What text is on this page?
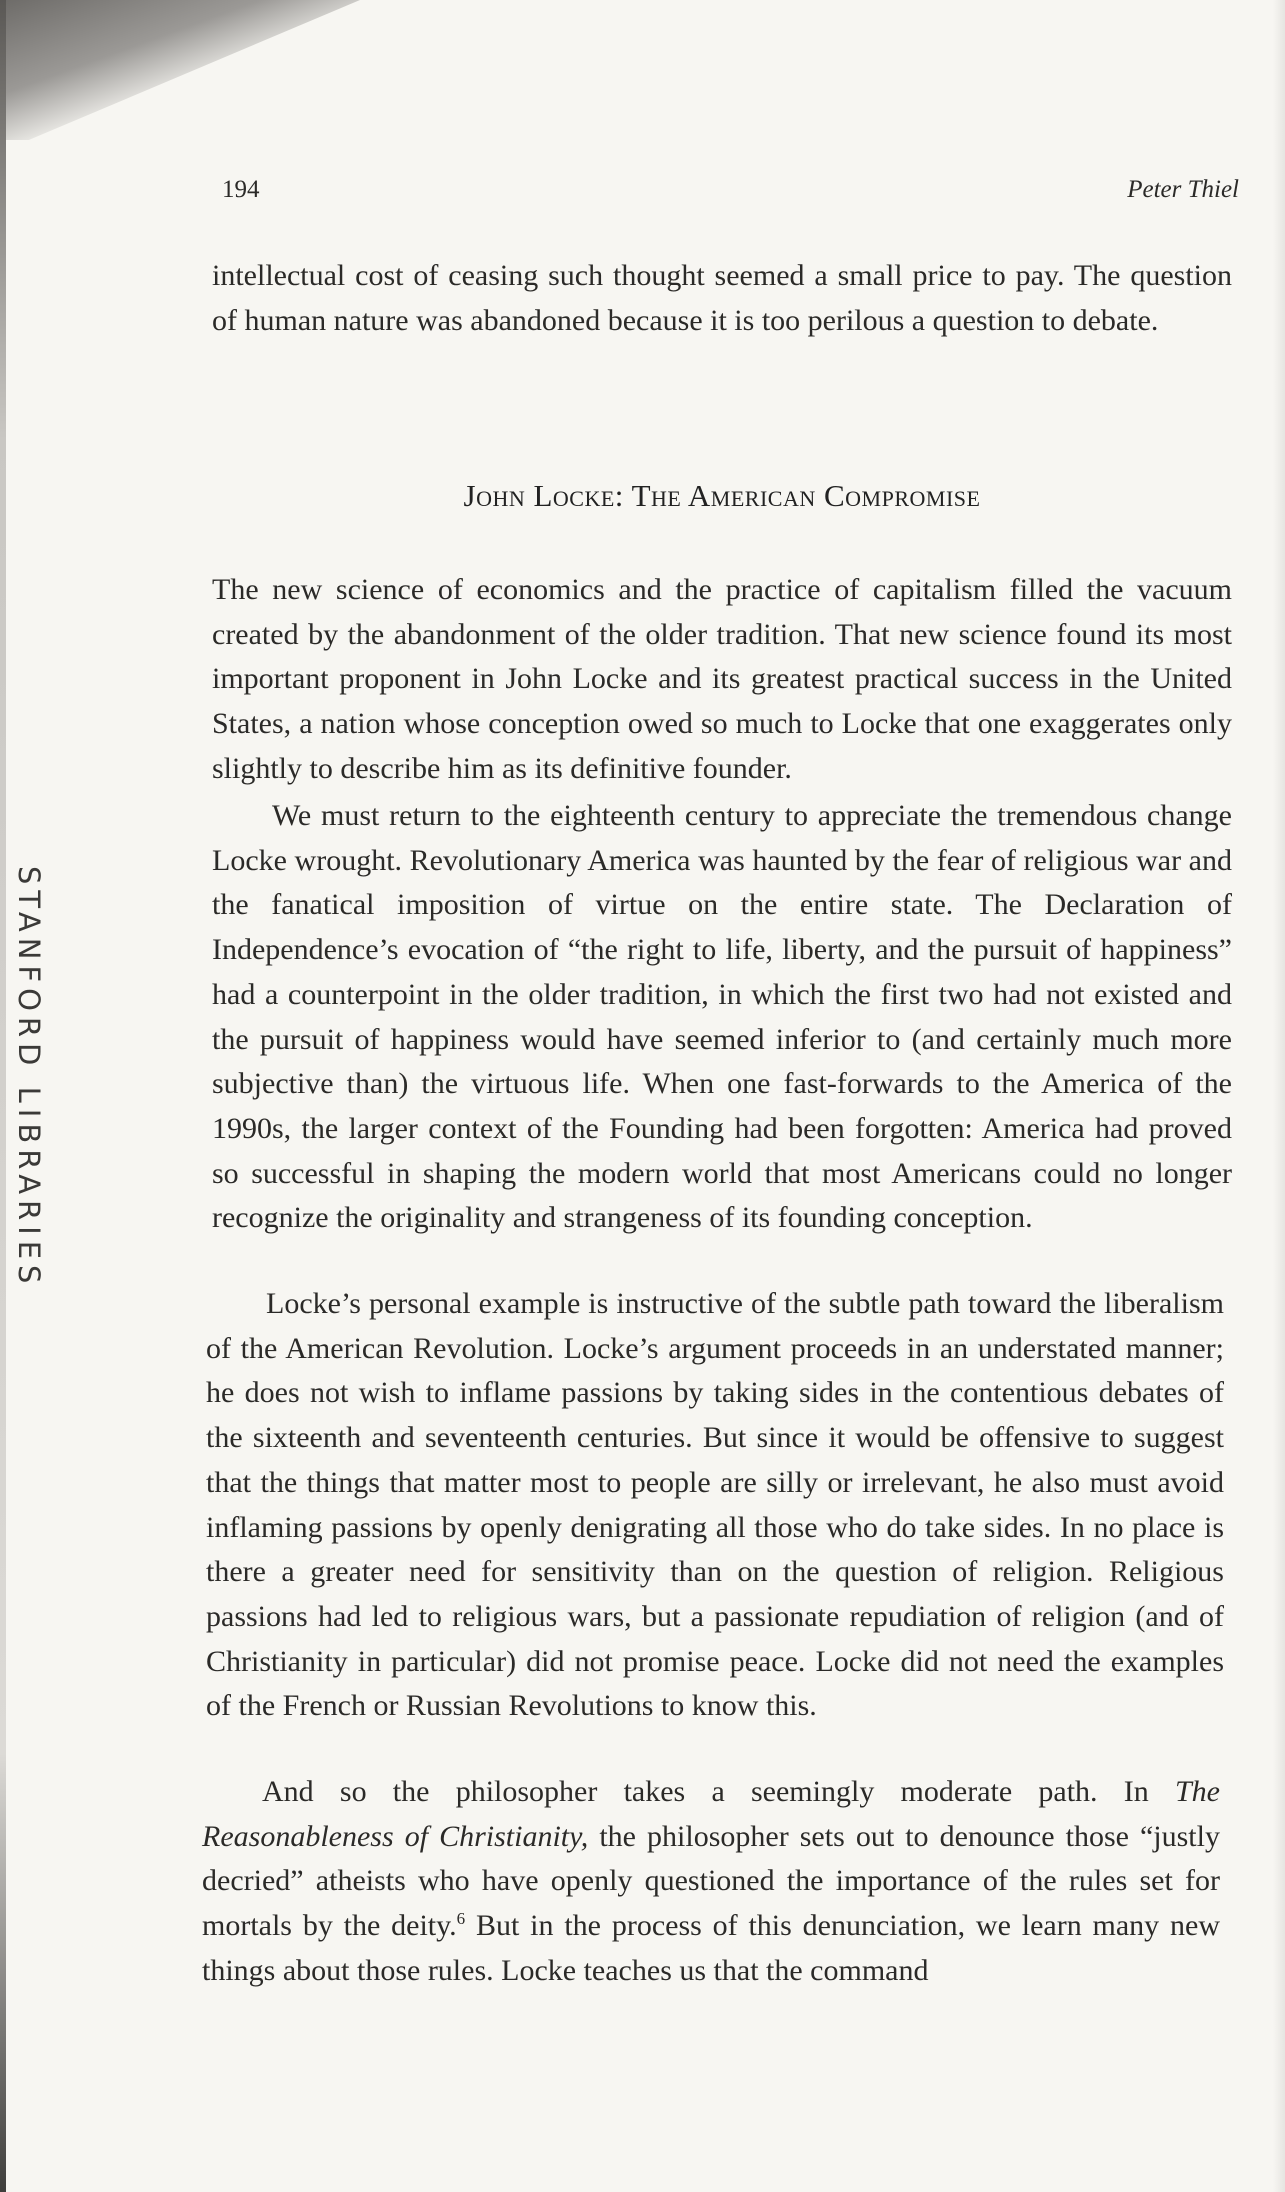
194	Peter Thiel
STANFORD LIBRARIES

intellectual cost of ceasing such thought seemed a small price to pay. The question of human nature was abandoned because it is too perilous a question to debate.

John Locke: The American Compromise

The new science of economics and the practice of capitalism filled the vacuum created by the abandonment of the older tradition. That new science found its most important proponent in John Locke and its greatest practical success in the United States, a nation whose conception owed so much to Locke that one exaggerates only slightly to describe him as its definitive founder.

We must return to the eighteenth century to appreciate the tremendous change Locke wrought. Revolutionary America was haunted by the fear of religious war and the fanatical imposition of virtue on the entire state. The Declaration of Independence’s evocation of “the right to life, liberty, and the pursuit of happiness” had a counterpoint in the older tradition, in which the first two had not existed and the pursuit of happiness would have seemed inferior to (and certainly much more subjective than) the virtuous life. When one fast-forwards to the America of the 1990s, the larger context of the Founding had been forgotten: America had proved so successful in shaping the modern world that most Americans could no longer recognize the originality and strangeness of its founding conception.

Locke’s personal example is instructive of the subtle path toward the liberalism of the American Revolution. Locke’s argument proceeds in an understated manner; he does not wish to inflame passions by taking sides in the contentious debates of the sixteenth and seventeenth centuries. But since it would be offensive to suggest that the things that matter most to people are silly or irrelevant, he also must avoid inflaming passions by openly denigrating all those who do take sides. In no place is there a greater need for sensitivity than on the question of religion. Religious passions had led to religious wars, but a passionate repudiation of religion (and of Christianity in particular) did not promise peace. Locke did not need the examples of the French or Russian Revolutions to know this.

And so the philosopher takes a seemingly moderate path. In The Reasonableness of Christianity, the philosopher sets out to denounce those “justly decried” atheists who have openly questioned the importance of the rules set for mortals by the deity.$^6$ But in the process of this denunciation, we learn many new things about those rules. Locke teaches us that the command
